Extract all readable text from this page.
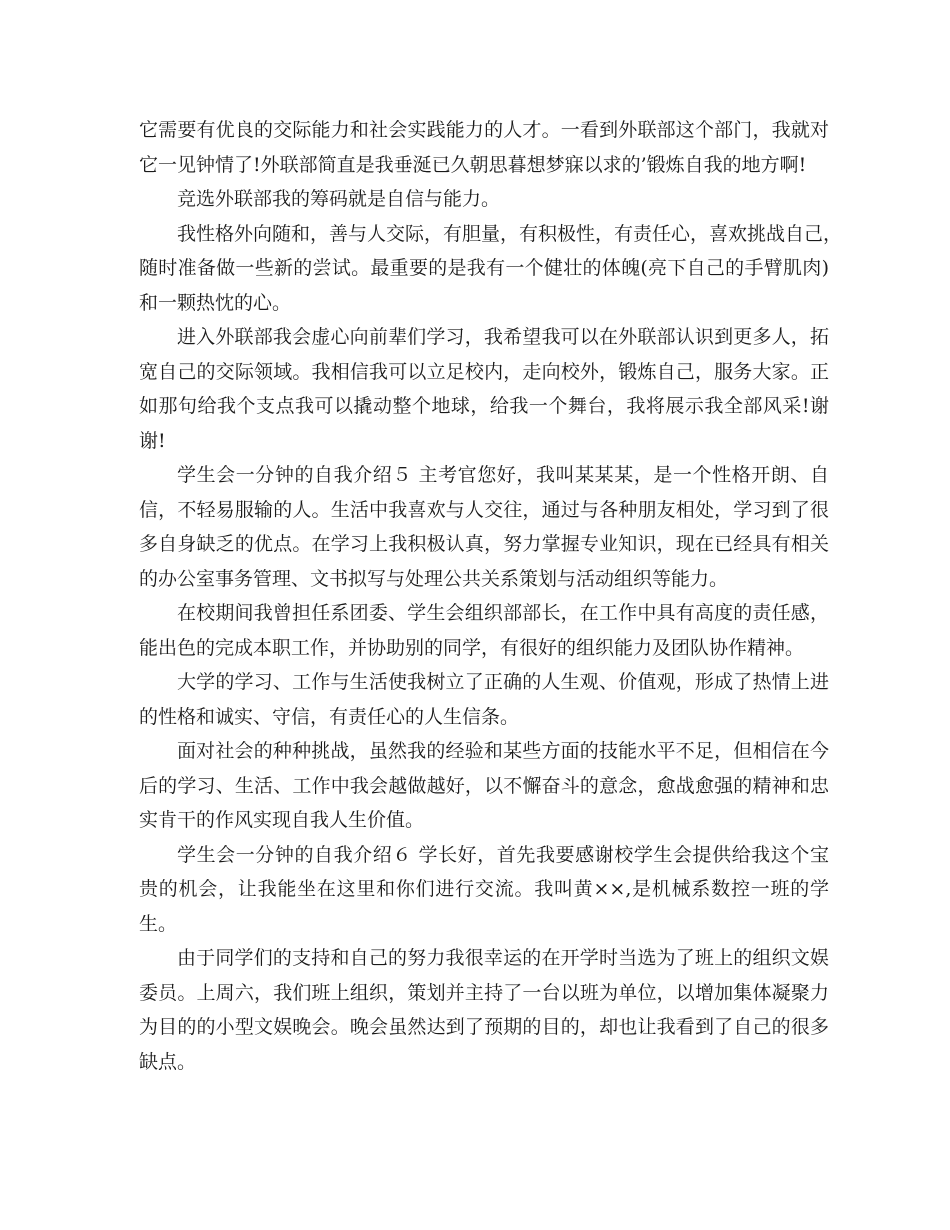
它需要有优良的交际能力和社会实践能力的人才。一看到外联部这个部门，我就对
它一见钟情了!外联部简直是我垂涎已久朝思暮想梦寐以求的’锻炼自我的地方啊!
竞选外联部我的筹码就是自信与能力。
我性格外向随和，善与人交际，有胆量，有积极性，有责任心，喜欢挑战自己，
随时准备做一些新的尝试。最重要的是我有一个健壮的体魄(亮下自己的手臂肌肉)
和一颗热忱的心。
进入外联部我会虚心向前辈们学习，我希望我可以在外联部认识到更多人，拓
宽自己的交际领域。我相信我可以立足校内，走向校外，锻炼自己，服务大家。正
如那句给我个支点我可以撬动整个地球，给我一个舞台，我将展示我全部风采!谢
谢!
学生会一分钟的自我介绍５ 主考官您好，我叫某某某，是一个性格开朗、自
信，不轻易服输的人。生活中我喜欢与人交往，通过与各种朋友相处，学习到了很
多自身缺乏的优点。在学习上我积极认真，努力掌握专业知识，现在已经具有相关
的办公室事务管理、文书拟写与处理公共关系策划与活动组织等能力。
在校期间我曾担任系团委、学生会组织部部长，在工作中具有高度的责任感，
能出色的完成本职工作，并协助别的同学，有很好的组织能力及团队协作精神。
大学的学习、工作与生活使我树立了正确的人生观、价值观，形成了热情上进
的性格和诚实、守信，有责任心的人生信条。
面对社会的种种挑战，虽然我的经验和某些方面的技能水平不足，但相信在今
后的学习、生活、工作中我会越做越好，以不懈奋斗的意念，愈战愈强的精神和忠
实肯干的作风实现自我人生价值。
学生会一分钟的自我介绍６ 学长好，首先我要感谢校学生会提供给我这个宝
贵的机会，让我能坐在这里和你们进行交流。我叫黄××,是机械系数控一班的学
生。
由于同学们的支持和自己的努力我很幸运的在开学时当选为了班上的组织文娱
委员。上周六，我们班上组织，策划并主持了一台以班为单位，以增加集体凝聚力
为目的的小型文娱晚会。晚会虽然达到了预期的目的，却也让我看到了自己的很多
缺点。
